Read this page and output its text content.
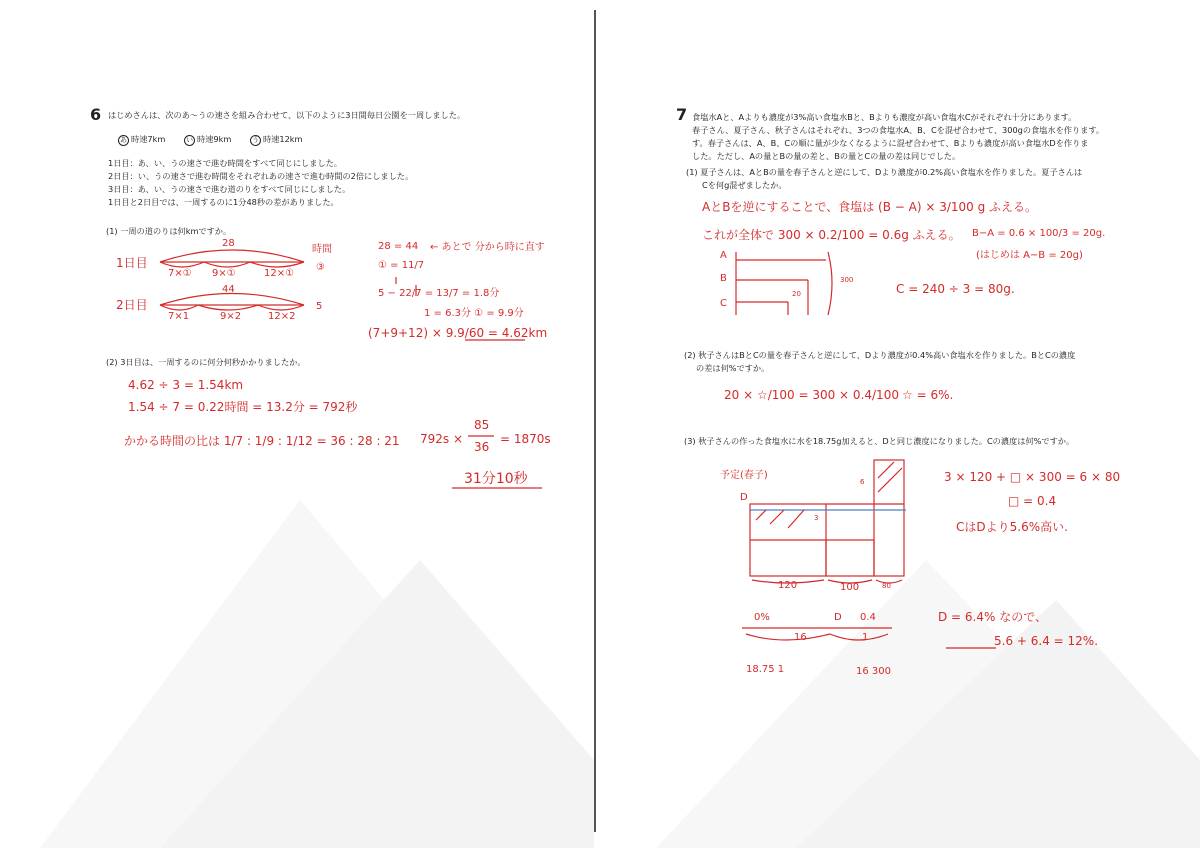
6 はじめさんは、次のあ〜うの速さを組み合わせて、以下のように3日間毎日公園を一周しました。
あ 時速7km	い 時速9km	う 時速12km
1日目：あ、い、うの速さで進む時間をすべて同じにしました。
2日目：い、うの速さで進む時間をそれぞれあの速さで進む時間の2倍にしました。
3日目：あ、い、うの速さで進む道のりをすべて同じにしました。
1日目と2日目では、一周するのに1分48秒の差がありました。
(1) 一周の道のりは何kmですか。
1日目
2日目
28
44
7×① 9×①	12×①
7×1	9×2	12×2
時間
③
5
← あとで 分から時に直す
28 = 44
① = 11/7
5 − 22/7 = 13/7 = 1.8分
1 = 6.3分 ① = 9.9分
(7+9+12) × 9.9/60 = 4.62km
(2) 3日目は、一周するのに何分何秒かかりましたか。
4.62 ÷ 3 = 1.54km
1.54 ÷ 7 = 0.22時間 = 13.2分 = 792秒
かかる時間の比は 1/7 : 1/9 : 1/12 = 36 : 28 : 21 792s ×
85
36
= 1870s
31分10秒
7 食塩水Aと、Aよりも濃度が3%高い食塩水Bと、Bよりも濃度が高い食塩水Cがそれぞれ十分にあります。
春子さん、夏子さん、秋子さんはそれぞれ、3つの食塩水A、B、Cを混ぜ合わせて、300gの食塩水を作ります。
す。春子さんは、A、B、Cの順に量が少なくなるように混ぜ合わせて、Bよりも濃度が高い食塩水Dを作りま
した。ただし、Aの量とBの量の差と、Bの量とCの量の差は同じでした。
(1) 夏子さんは、AとBの量を春子さんと逆にして、Dより濃度が0.2%高い食塩水を作りました。夏子さんは
Cを何g混ぜましたか。
AとBを逆にすることで、食塩は (B − A) × 3/100 g ふえる。
これが全体で 300 × 0.2/100 = 0.6g ふえる。 B−A = 0.6 × 100/3 = 20g.
(はじめは A−B = 20g)
A
B
C
300
20	C = 240 ÷ 3 = 80g.
(2) 秋子さんはBとCの量を春子さんと逆にして、Dより濃度が0.4%高い食塩水を作りました。BとCの濃度
の差は何%ですか。
20 × ☆/100 = 300 × 0.4/100 ☆ = 6%.
(3) 秋子さんの作った食塩水に水を18.75g加えると、Dと同じ濃度になりました。Cの濃度は何%ですか。
予定(春子)
D
6
3
120	100	80
3 × 120 + □ × 300 = 6 × 80
□ = 0.4
CはDより5.6%高い.
0%	D 0.4
16	1
18.75 1	16 300
D = 6.4% なので、
5.6 + 6.4 = 12%.
